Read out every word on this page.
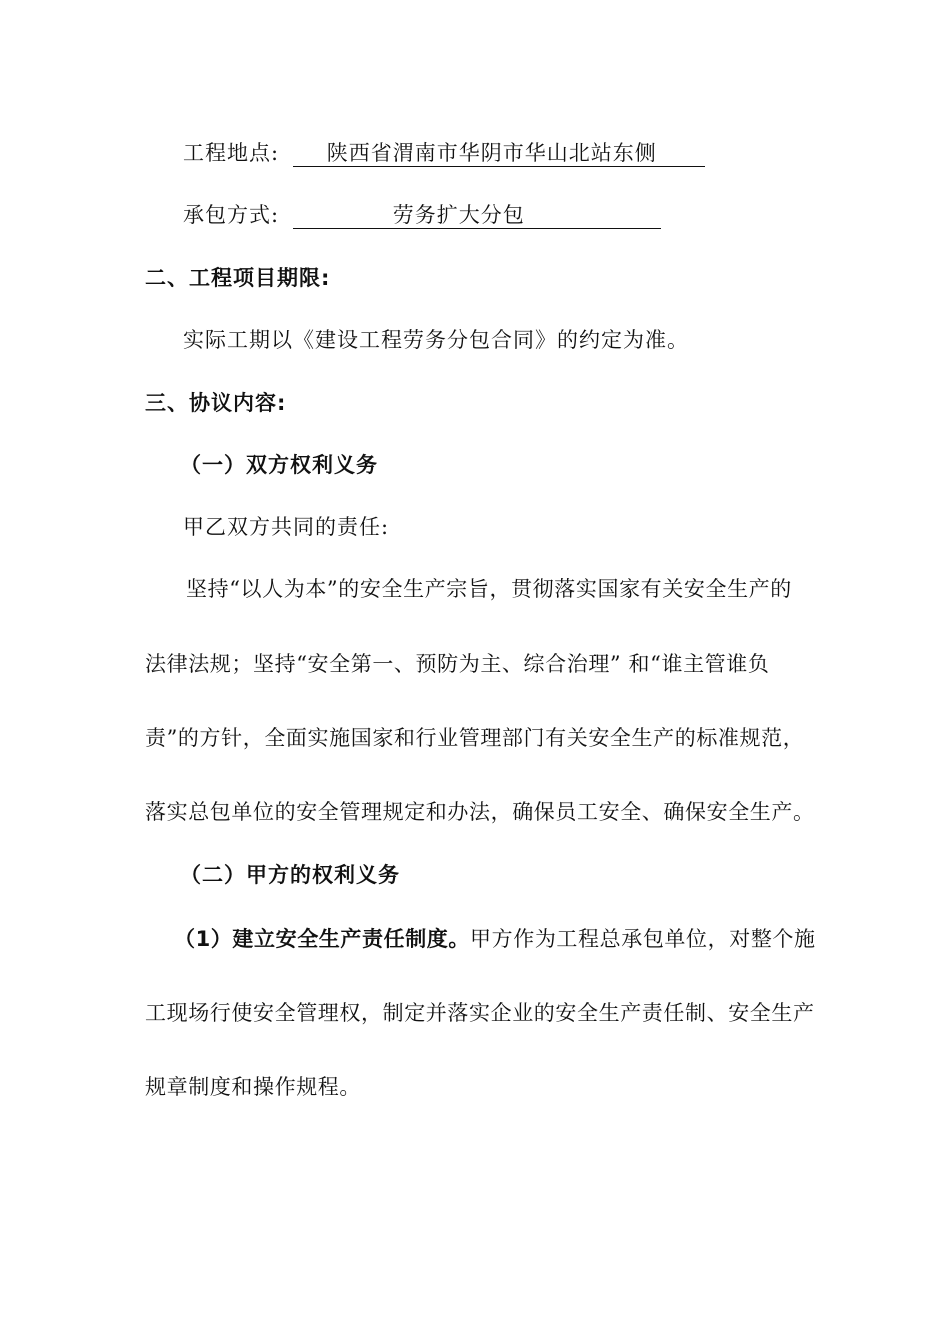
工程地点: 陕西省渭南市华阴市华山北站东侧
承包方式:	劳务扩大分包
二、工程项目期限:
实际工期以《建设工程劳务分包合同》的约定为准。
三、协议内容:
（一）双方权利义务
甲乙双方共同的责任:
坚持“以人为本”的安全生产宗旨，贯彻落实国家有关安全生产的
法律法规；坚持“安全第一、预防为主、综合治理” 和“谁主管谁负
责”的方针，全面实施国家和行业管理部门有关安全生产的标准规范，
落实总包单位的安全管理规定和办法，确保员工安全、确保安全生产。
（二）甲方的权利义务
（1）建立安全生产责任制度。甲方作为工程总承包单位，对整个施
工现场行使安全管理权，制定并落实企业的安全生产责任制、安全生产
规章制度和操作规程。
